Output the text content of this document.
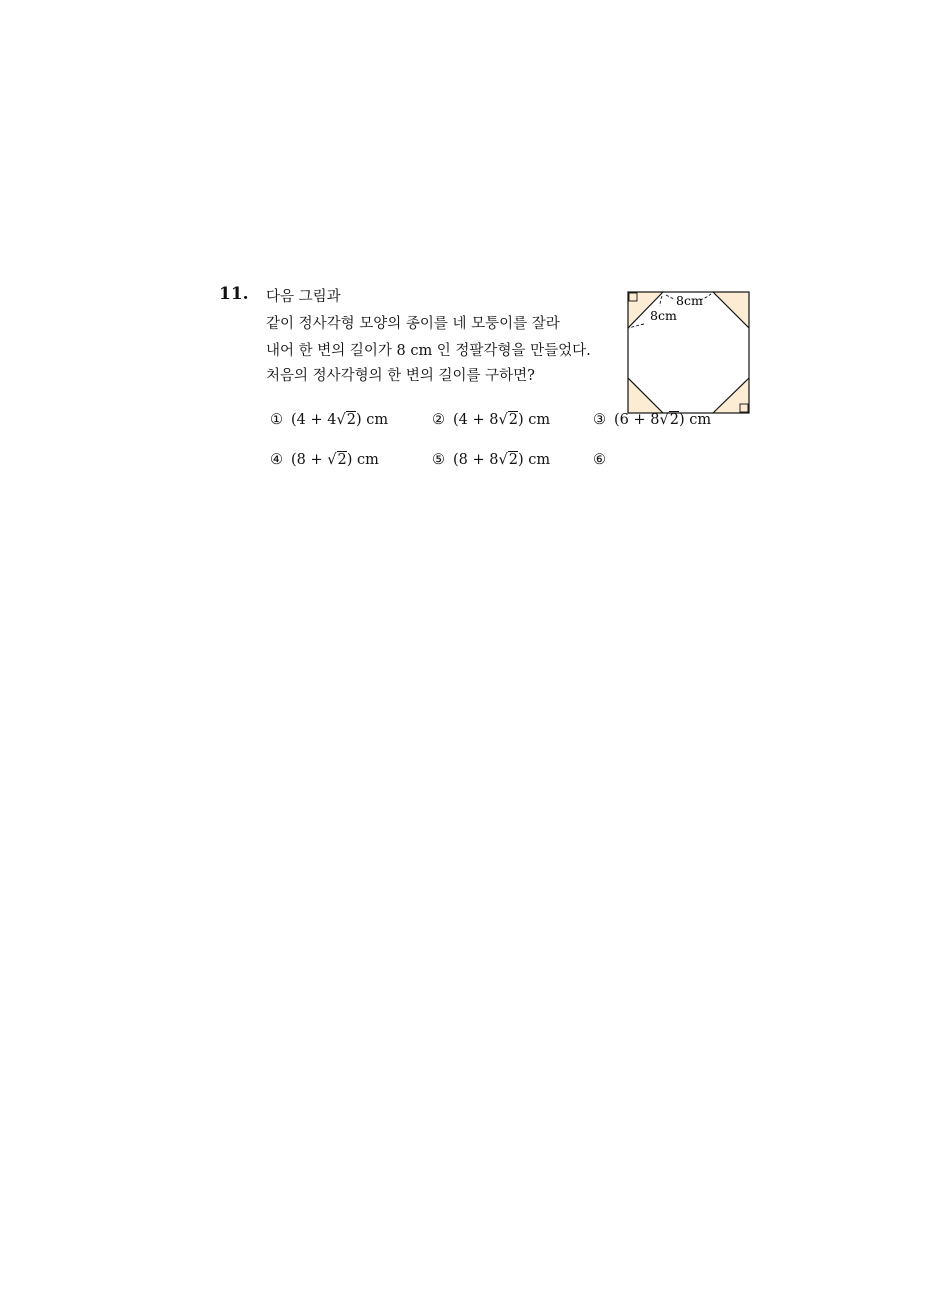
11. 다음 그림과
같이 정사각형 모양의 종이를 네 모퉁이를 잘라
내어 한 변의 길이가 8 cm 인 정팔각형을 만들었다.
처음의 정사각형의 한 변의 길이를 구하면?
8cm
8cm
① (4 + 4√2) cm	② (4 + 8√2) cm	③ (6 + 8√2) cm
④ (8 + √2) cm	⑤ (8 + 8√2) cm	⑥
